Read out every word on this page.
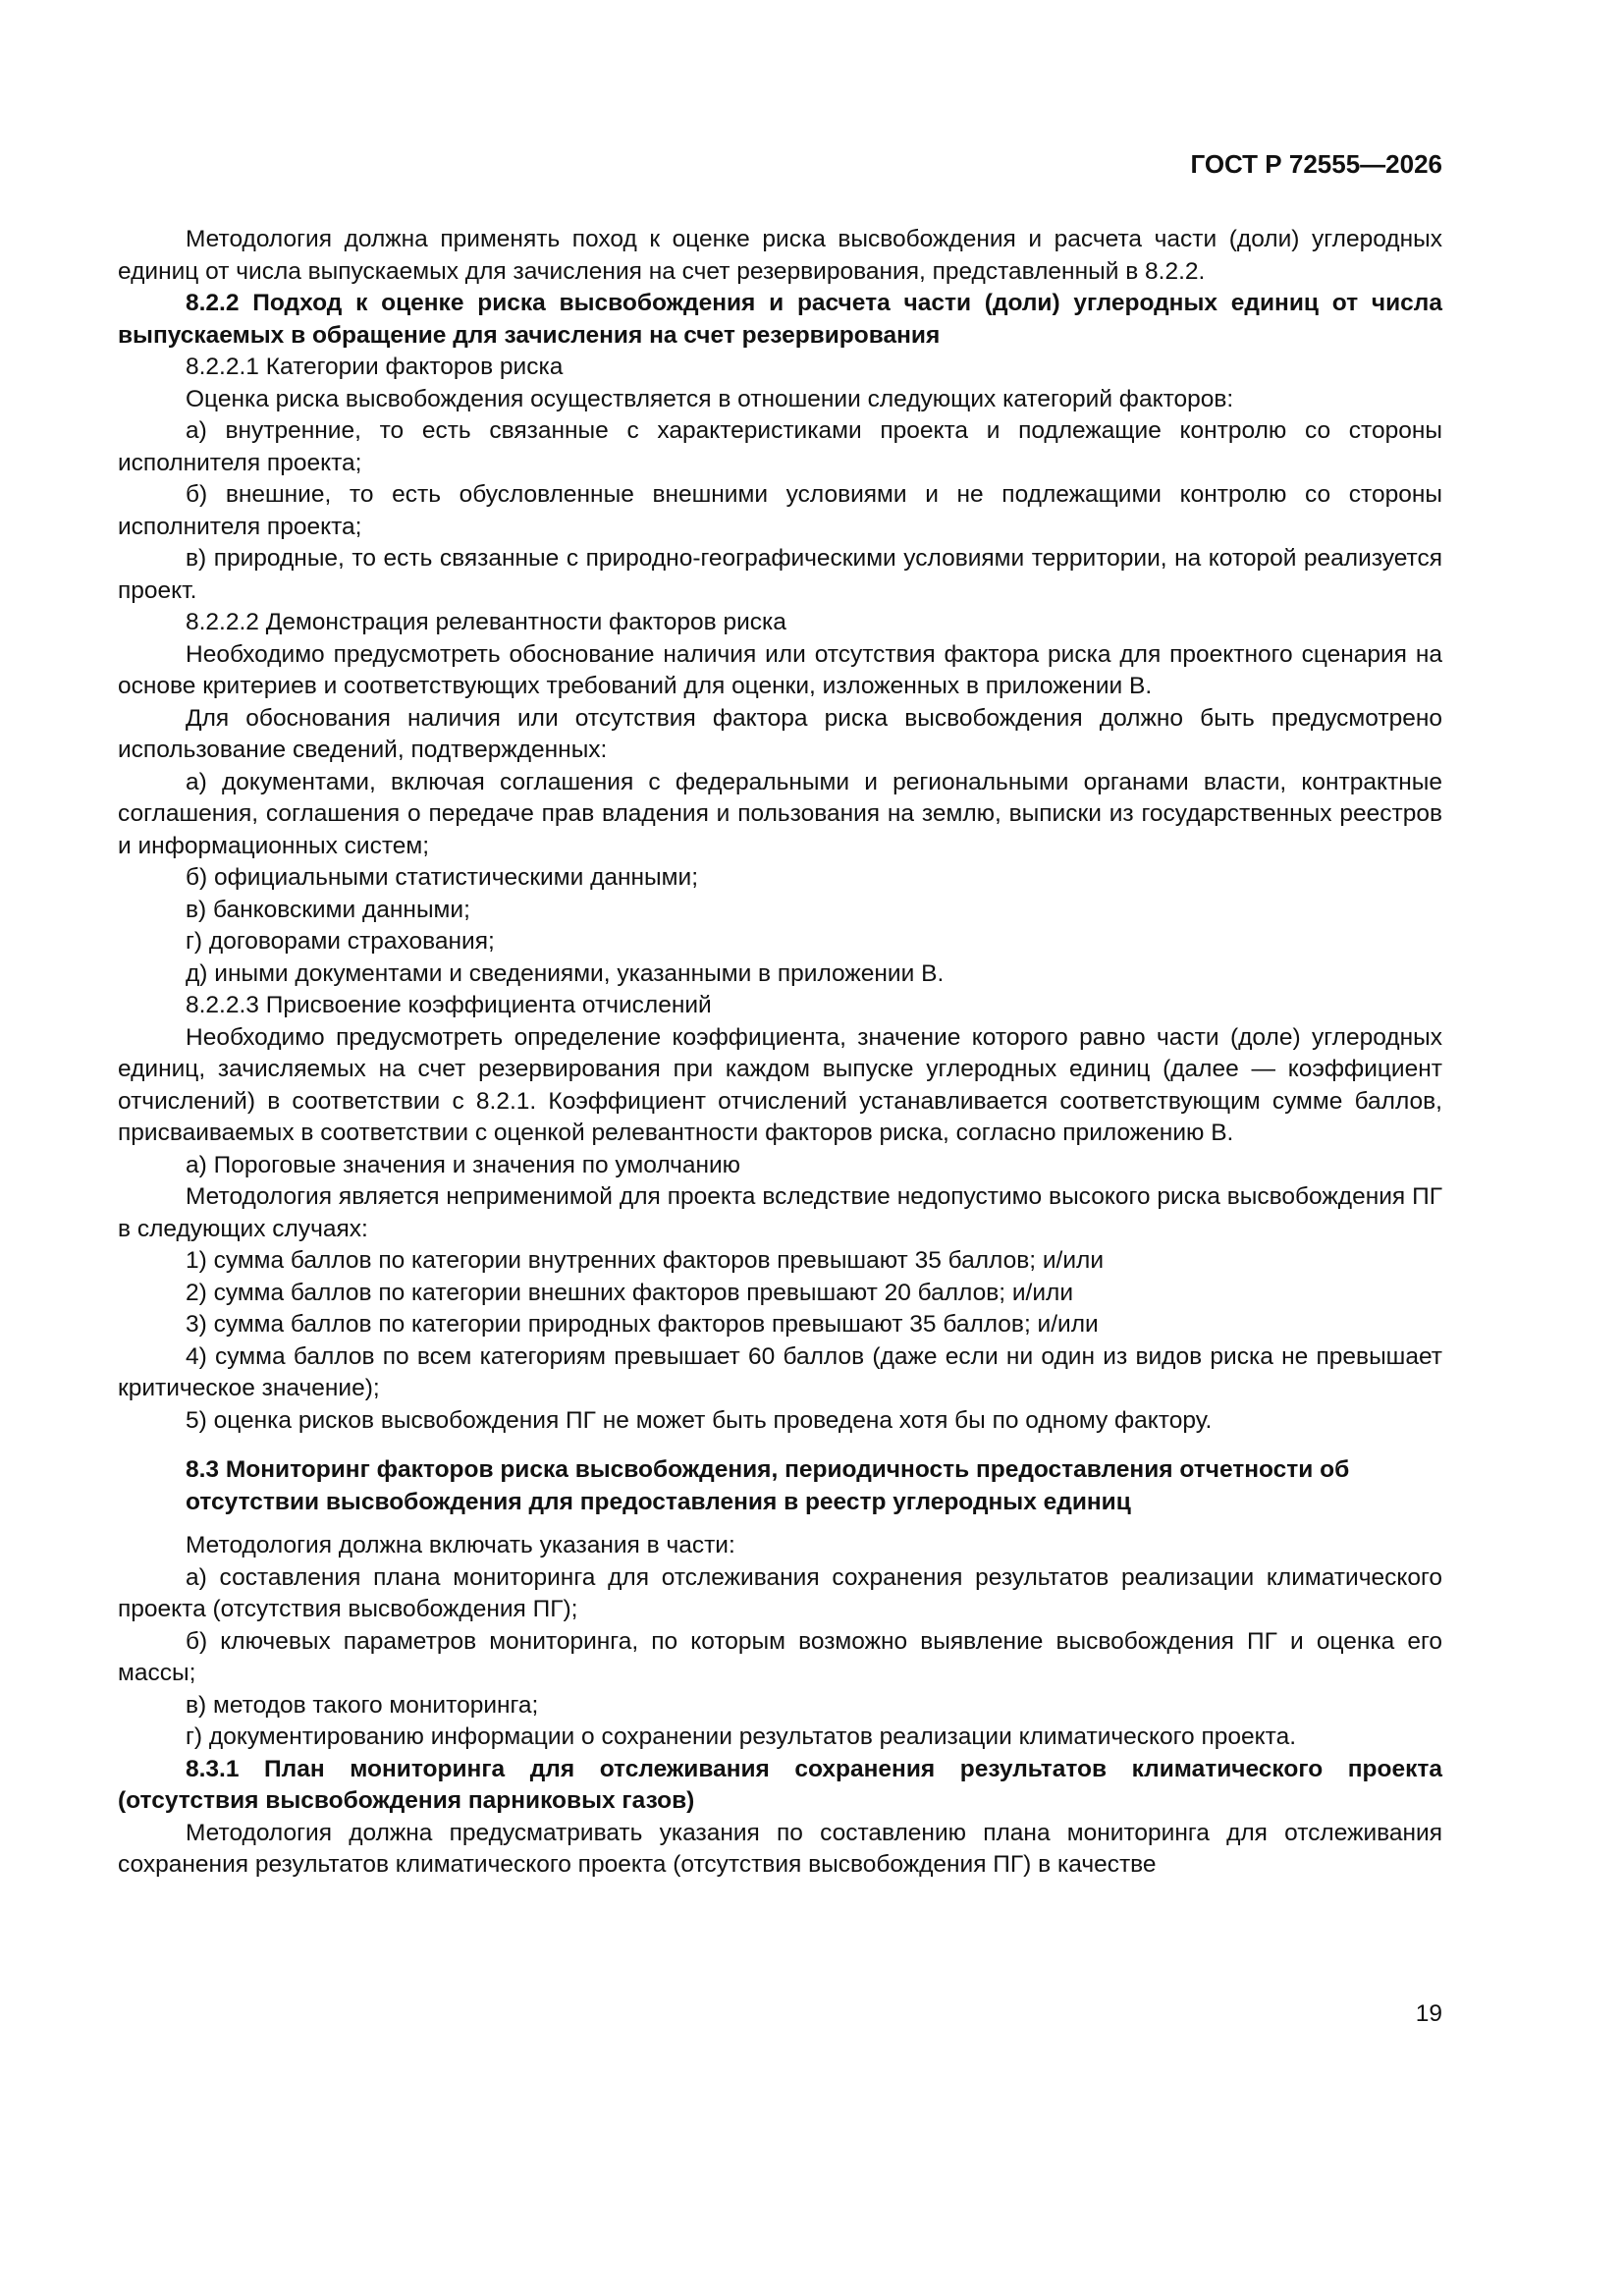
ГОСТ Р 72555—2026

Методология должна применять поход к оценке риска высвобождения и расчета части (доли) углеродных единиц от числа выпускаемых для зачисления на счет резервирования, представленный в 8.2.2.

8.2.2 Подход к оценке риска высвобождения и расчета части (доли) углеродных единиц от числа выпускаемых в обращение для зачисления на счет резервирования

8.2.2.1 Категории факторов риска

Оценка риска высвобождения осуществляется в отношении следующих категорий факторов:

а) внутренние, то есть связанные с характеристиками проекта и подлежащие контролю со стороны исполнителя проекта;

б) внешние, то есть обусловленные внешними условиями и не подлежащими контролю со стороны исполнителя проекта;

в) природные, то есть связанные с природно-географическими условиями территории, на которой реализуется проект.

8.2.2.2 Демонстрация релевантности факторов риска

Необходимо предусмотреть обоснование наличия или отсутствия фактора риска для проектного сценария на основе критериев и соответствующих требований для оценки, изложенных в приложении В.

Для обоснования наличия или отсутствия фактора риска высвобождения должно быть предусмотрено использование сведений, подтвержденных:

а) документами, включая соглашения с федеральными и региональными органами власти, контрактные соглашения, соглашения о передаче прав владения и пользования на землю, выписки из государственных реестров и информационных систем;

б) официальными статистическими данными;

в) банковскими данными;

г) договорами страхования;

д) иными документами и сведениями, указанными в приложении В.

8.2.2.3 Присвоение коэффициента отчислений

Необходимо предусмотреть определение коэффициента, значение которого равно части (доле) углеродных единиц, зачисляемых на счет резервирования при каждом выпуске углеродных единиц (далее — коэффициент отчислений) в соответствии с 8.2.1. Коэффициент отчислений устанавливается соответствующим сумме баллов, присваиваемых в соответствии с оценкой релевантности факторов риска, согласно приложению В.

а) Пороговые значения и значения по умолчанию

Методология является неприменимой для проекта вследствие недопустимо высокого риска высвобождения ПГ в следующих случаях:

1) сумма баллов по категории внутренних факторов превышают 35 баллов; и/или

2) сумма баллов по категории внешних факторов превышают 20 баллов; и/или

3) сумма баллов по категории природных факторов превышают 35 баллов; и/или

4) сумма баллов по всем категориям превышает 60 баллов (даже если ни один из видов риска не превышает критическое значение);

5) оценка рисков высвобождения ПГ не может быть проведена хотя бы по одному фактору.

8.3 Мониторинг факторов риска высвобождения, периодичность предоставления отчетности об отсутствии высвобождения для предоставления в реестр углеродных единиц

Методология должна включать указания в части:

а) составления плана мониторинга для отслеживания сохранения результатов реализации климатического проекта (отсутствия высвобождения ПГ);

б) ключевых параметров мониторинга, по которым возможно выявление высвобождения ПГ и оценка его массы;

в) методов такого мониторинга;

г) документированию информации о сохранении результатов реализации климатического проекта.

8.3.1 План мониторинга для отслеживания сохранения результатов климатического проекта (отсутствия высвобождения парниковых газов)

Методология должна предусматривать указания по составлению плана мониторинга для отслеживания сохранения результатов климатического проекта (отсутствия высвобождения ПГ) в качестве

19
